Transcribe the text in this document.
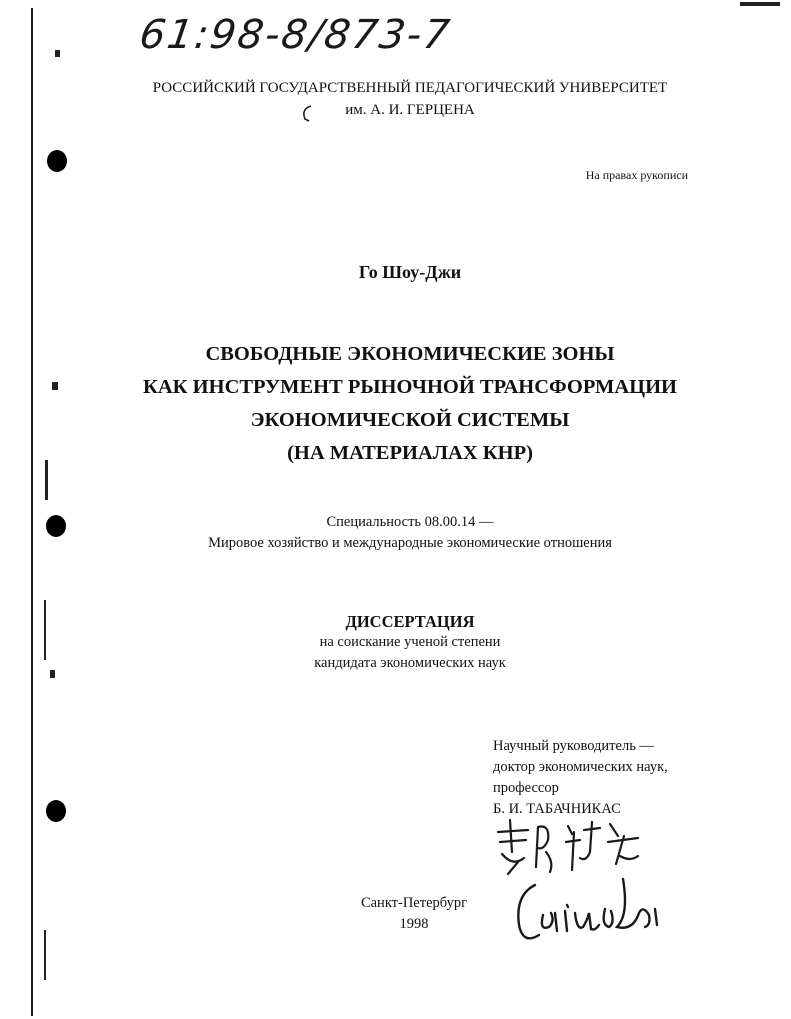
61:98-8/873-7
РОССИЙСКИЙ ГОСУДАРСТВЕННЫЙ ПЕДАГОГИЧЕСКИЙ УНИВЕРСИТЕТ
им. А. И. ГЕРЦЕНА
На правах рукописи
Го Шоу-Джи
СВОБОДНЫЕ ЭКОНОМИЧЕСКИЕ ЗОНЫ
КАК ИНСТРУМЕНТ РЫНОЧНОЙ ТРАНСФОРМАЦИИ
ЭКОНОМИЧЕСКОЙ СИСТЕМЫ
(НА МАТЕРИАЛАХ КНР)
Специальность 08.00.14 —
Мировое хозяйство и международные экономические отношения
ДИССЕРТАЦИЯ
на соискание ученой степени
кандидата экономических наук
Научный руководитель —
доктор экономических наук,
профессор
Б. И. ТАБАЧНИКАС
Санкт-Петербург
1998
